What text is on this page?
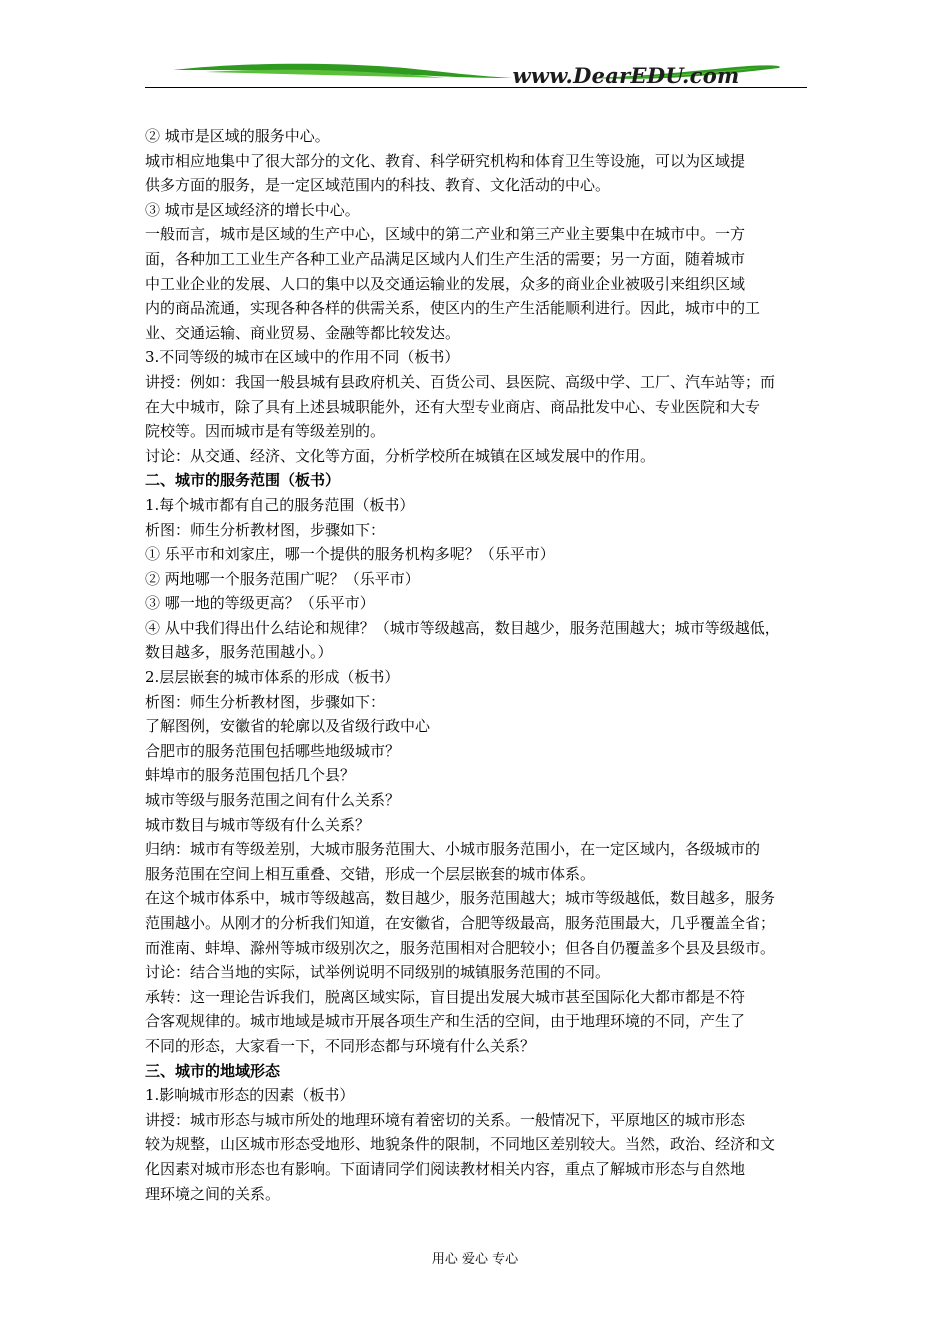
www.DearEDU.com
② 城市是区域的服务中心。
城市相应地集中了很大部分的文化、教育、科学研究机构和体育卫生等设施，可以为区域提
供多方面的服务，是一定区域范围内的科技、教育、文化活动的中心。
③ 城市是区域经济的增长中心。
一般而言，城市是区域的生产中心，区域中的第二产业和第三产业主要集中在城市中。一方
面，各种加工工业生产各种工业产品满足区域内人们生产生活的需要；另一方面，随着城市
中工业企业的发展、人口的集中以及交通运输业的发展，众多的商业企业被吸引来组织区域
内的商品流通，实现各种各样的供需关系，使区内的生产生活能顺利进行。因此，城市中的工
业、交通运输、商业贸易、金融等都比较发达。
3.不同等级的城市在区域中的作用不同（板书）
讲授：例如：我国一般县城有县政府机关、百货公司、县医院、高级中学、工厂、汽车站等；而
在大中城市，除了具有上述县城职能外，还有大型专业商店、商品批发中心、专业医院和大专
院校等。因而城市是有等级差别的。
讨论：从交通、经济、文化等方面，分析学校所在城镇在区域发展中的作用。
二、城市的服务范围（板书）
1.每个城市都有自己的服务范围（板书）
析图：师生分析教材图，步骤如下：
① 乐平市和刘家庄，哪一个提供的服务机构多呢？（乐平市）
② 两地哪一个服务范围广呢？（乐平市）
③ 哪一地的等级更高？（乐平市）
④ 从中我们得出什么结论和规律？（城市等级越高，数目越少，服务范围越大；城市等级越低，
数目越多，服务范围越小。）
2.层层嵌套的城市体系的形成（板书）
析图：师生分析教材图，步骤如下：
了解图例，安徽省的轮廓以及省级行政中心
合肥市的服务范围包括哪些地级城市？
蚌埠市的服务范围包括几个县？
城市等级与服务范围之间有什么关系？
城市数目与城市等级有什么关系？
归纳：城市有等级差别，大城市服务范围大、小城市服务范围小，在一定区域内，各级城市的
服务范围在空间上相互重叠、交错，形成一个层层嵌套的城市体系。
在这个城市体系中，城市等级越高，数目越少，服务范围越大；城市等级越低，数目越多，服务
范围越小。从刚才的分析我们知道，在安徽省，合肥等级最高，服务范围最大，几乎覆盖全省；
而淮南、蚌埠、滁州等城市级别次之，服务范围相对合肥较小；但各自仍覆盖多个县及县级市。
讨论：结合当地的实际，试举例说明不同级别的城镇服务范围的不同。
承转：这一理论告诉我们，脱离区域实际，盲目提出发展大城市甚至国际化大都市都是不符
合客观规律的。城市地域是城市开展各项生产和生活的空间，由于地理环境的不同，产生了
不同的形态，大家看一下，不同形态都与环境有什么关系？
三、城市的地域形态
1.影响城市形态的因素（板书）
讲授：城市形态与城市所处的地理环境有着密切的关系。一般情况下，平原地区的城市形态
较为规整，山区城市形态受地形、地貌条件的限制，不同地区差别较大。当然，政治、经济和文
化因素对城市形态也有影响。下面请同学们阅读教材相关内容，重点了解城市形态与自然地
理环境之间的关系。
用心 爱心 专心
